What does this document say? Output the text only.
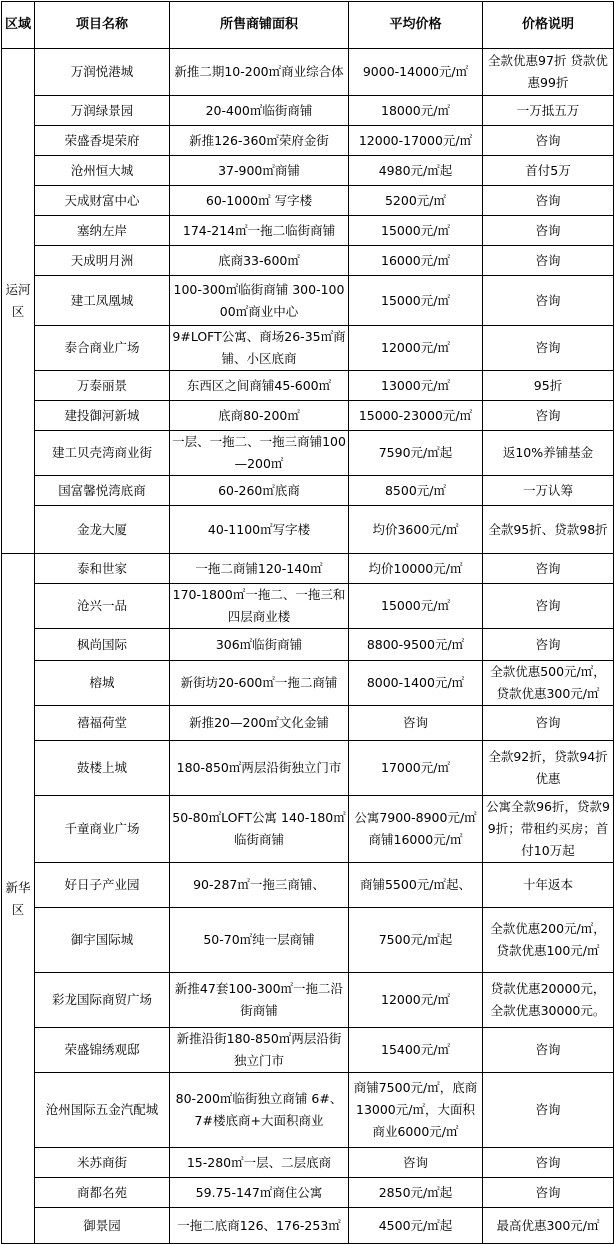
区域	项目名称	所售商铺面积	平均价格	价格说明
运河区	万润悦港城	新推二期10-200㎡商业综合体	9000-14000元/㎡	全款优惠97折 贷款优惠99折
	万润绿景园	20-400㎡临街商铺	18000元/㎡	一万抵五万
	荣盛香堤荣府	新推126-360㎡荣府金街	12000-17000元/㎡	咨询
	沧州恒大城	37-900㎡商铺	4980元/㎡起	首付5万
	天成财富中心	60-1000㎡ 写字楼	5200元/㎡	咨询
	塞纳左岸	174-214㎡一拖二临街商铺	15000元/㎡	咨询
	天成明月洲	底商33-600㎡	16000元/㎡	咨询
	建工凤凰城	100-300㎡临街商铺 300-10000㎡商业中心	15000元/㎡	咨询
	泰合商业广场	9#LOFT公寓、商场26-35㎡商铺、小区底商	12000元/㎡	咨询
	万泰丽景	东西区之间商铺45-600㎡	13000元/㎡	95折
	建投御河新城	底商80-200㎡	15000-23000元/㎡	咨询
	建工贝壳湾商业街	一层、一拖二、一拖三商铺100—200㎡	7590元/㎡起	返10%养铺基金
	国富馨悦湾底商	60-260㎡底商	8500元/㎡	一万认筹
	金龙大厦	40-1100㎡写字楼	均价3600元/㎡	全款95折、贷款98折
新华区	泰和世家	一拖二商铺120-140㎡	均价10000元/㎡	咨询
	沧兴一品	170-1800㎡一拖二、一拖三和四层商业楼	15000元/㎡	咨询
	枫尚国际	306㎡临街商铺	8800-9500元/㎡	咨询
	榕城	新街坊20-600㎡一拖二商铺	8000-1400元/㎡	全款优惠500元/㎡，贷款优惠300元/㎡
	禧福荷堂	新推20—200㎡文化金铺	咨询	咨询
	鼓楼上城	180-850㎡两层沿街独立门市	17000元/㎡	全款92折，贷款94折优惠
	千童商业广场	50-80㎡LOFT公寓 140-180㎡临街商铺	公寓7900-8900元/㎡ 商铺16000元/㎡	公寓全款96折，贷款99折；带租约买房；首付10万起
	好日子产业园	90-287㎡一拖三商铺、	商铺5500元/㎡起、	十年返本
	御宇国际城	50-70㎡纯一层商铺	7500元/㎡起	全款优惠200元/㎡，贷款优惠100元/㎡
	彩龙国际商贸广场	新推47套100-300㎡一拖二沿街商铺	12000元/㎡	贷款优惠20000元，全款优惠30000元。
	荣盛锦绣观邸	新推沿街180-850㎡两层沿街独立门市	15400元/㎡	咨询
	沧州国际五金汽配城	80-200㎡临街独立商铺 6#、7#楼底商+大面积商业	商铺7500元/㎡，底商13000元/㎡，大面积商业6000元/㎡	咨询
	米苏商街	15-280㎡一层、二层底商	咨询	咨询
	商都名苑	59.75-147㎡商住公寓	2850元/㎡起	咨询
	御景园	一拖二底商126、176-253㎡	4500元/㎡起	最高优惠300元/㎡
